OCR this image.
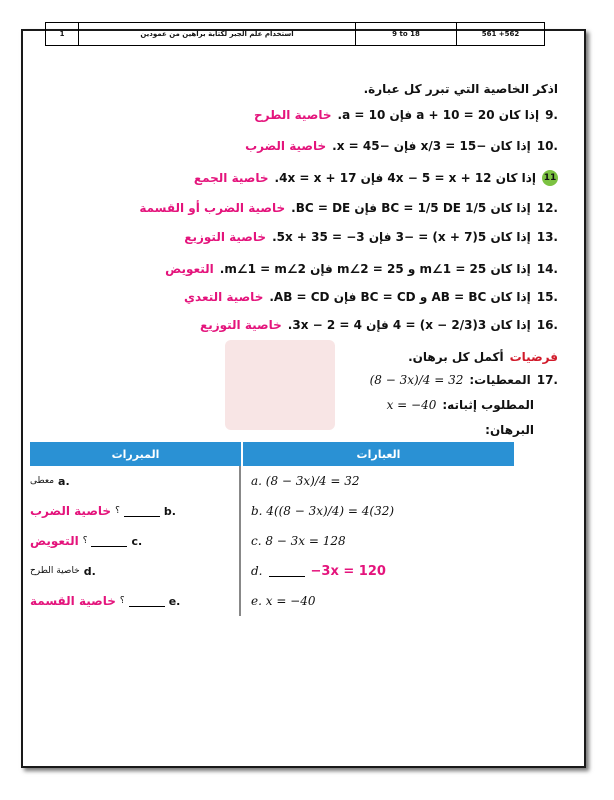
1	استخدام علم الجبر لكتابة براهين من عمودين	9 to 18	561 +562
اذكر الخاصية التي تبرر كل عبارة.
9.
إذا كان a + 10 = 20 فإن a = 10.
خاصية الطرح
10.
إذا كان −15 = x/3 فإن −45 = x.
خاصية الضرب
11
إذا كان 4x − 5 = x + 12 فإن 4x = x + 17.
خاصية الجمع
12.
إذا كان 1/5 BC = 1/5 DE فإن BC = DE.
خاصية الضرب أو القسمة
13.
إذا كان 5(x + 7) = −3 فإن 5x + 35 = −3.
خاصية التوزيع
14.
إذا كان m∠1 = 25 و m∠2 = 25 فإن m∠1 = m∠2.
التعويض
15.
إذا كان AB = BC و BC = CD فإن AB = CD.
خاصية التعدي
16.
إذا كان 3(x − 2/3) = 4 فإن 3x − 2 = 4.
خاصية التوزيع
فرضيات
أكمل كل برهان.
17.
المعطيات:
(8 − 3x)/4 = 32
المطلوب إثباته:
x = −40
البرهان:
المبررات	العبارات
a.
معطى	a. (8 − 3x)/4 = 32
b.
؟
خاصية الضرب	b. 4((8 − 3x)/4) = 4(32)
c.
؟
التعويض	c. 8 − 3x = 128
d.
خاصية الطرح	d.	−3x = 120
e.
؟
خاصية القسمة	e. x = −40
